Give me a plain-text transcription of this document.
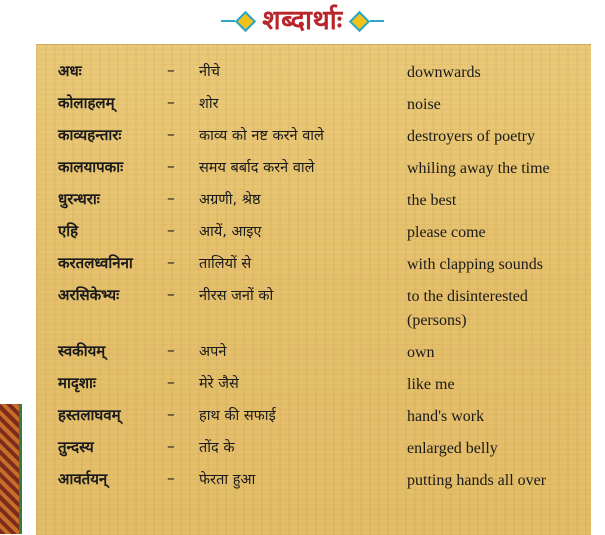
शब्दार्थाः
अधः	– नीचे	downwards
कोलाहलम्	– शोर	noise
काव्यहन्तारः	– काव्य को नष्ट करने वाले	destroyers of poetry
कालयापकाः	– समय बर्बाद करने वाले	whiling away the time
धुरन्धराः	– अग्रणी, श्रेष्ठ	the best
एहि	– आयें, आइए	please come
करतलध्वनिना – तालियों से	with clapping sounds
अरसिकेभ्यः	– नीरस जनों को	to the disinterested (persons)
स्वकीयम्	– अपने	own
मादृशाः	– मेरे जैसे	like me
हस्तलाघवम्	– हाथ की सफाई	hand's work
तुन्दस्य	– तोंद के	enlarged belly
आवर्तयन्	– फेरता हुआ	putting hands all over
